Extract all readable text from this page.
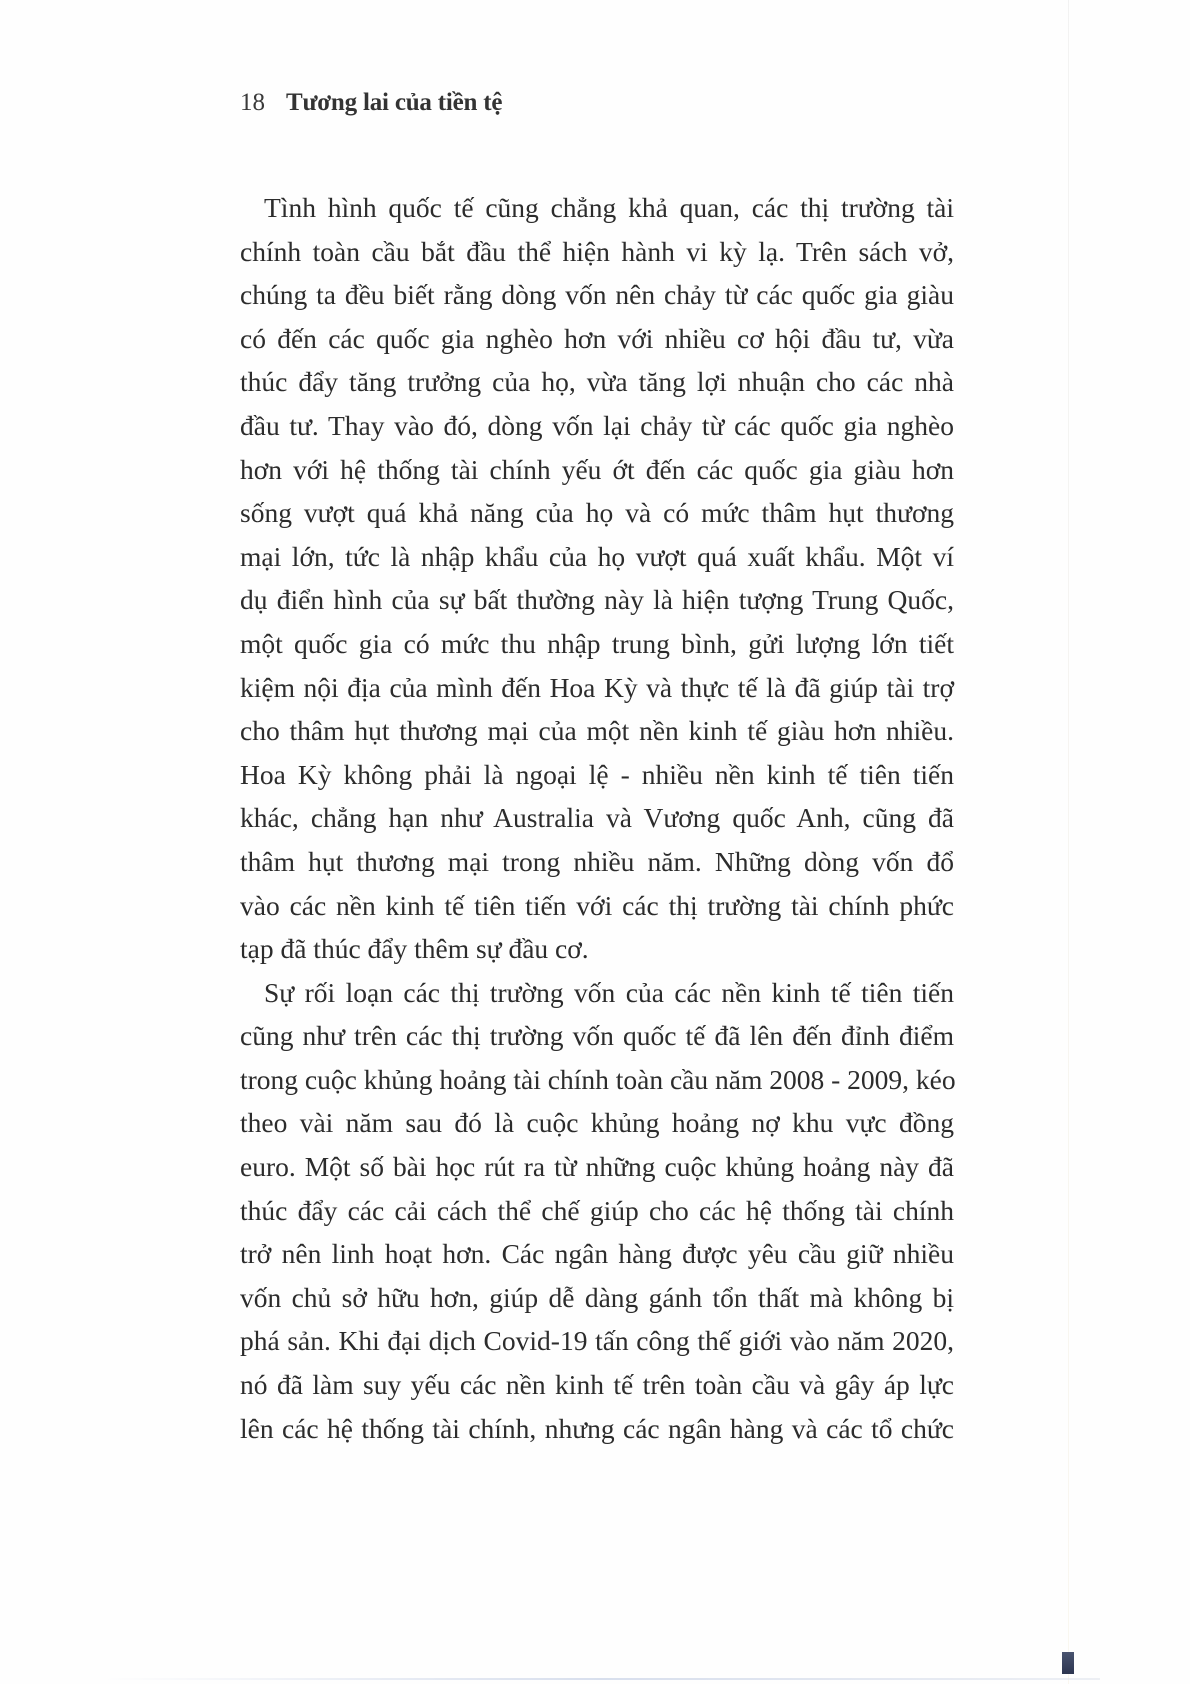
18 Tương lai của tiền tệ
Tình hình quốc tế cũng chẳng khả quan, các thị trường tài
chính toàn cầu bắt đầu thể hiện hành vi kỳ lạ. Trên sách vở,
chúng ta đều biết rằng dòng vốn nên chảy từ các quốc gia giàu
có đến các quốc gia nghèo hơn với nhiều cơ hội đầu tư, vừa
thúc đẩy tăng trưởng của họ, vừa tăng lợi nhuận cho các nhà
đầu tư. Thay vào đó, dòng vốn lại chảy từ các quốc gia nghèo
hơn với hệ thống tài chính yếu ớt đến các quốc gia giàu hơn
sống vượt quá khả năng của họ và có mức thâm hụt thương
mại lớn, tức là nhập khẩu của họ vượt quá xuất khẩu. Một ví
dụ điển hình của sự bất thường này là hiện tượng Trung Quốc,
một quốc gia có mức thu nhập trung bình, gửi lượng lớn tiết
kiệm nội địa của mình đến Hoa Kỳ và thực tế là đã giúp tài trợ
cho thâm hụt thương mại của một nền kinh tế giàu hơn nhiều.
Hoa Kỳ không phải là ngoại lệ - nhiều nền kinh tế tiên tiến
khác, chẳng hạn như Australia và Vương quốc Anh, cũng đã
thâm hụt thương mại trong nhiều năm. Những dòng vốn đổ
vào các nền kinh tế tiên tiến với các thị trường tài chính phức
tạp đã thúc đẩy thêm sự đầu cơ.
Sự rối loạn các thị trường vốn của các nền kinh tế tiên tiến
cũng như trên các thị trường vốn quốc tế đã lên đến đỉnh điểm
trong cuộc khủng hoảng tài chính toàn cầu năm 2008 - 2009, kéo
theo vài năm sau đó là cuộc khủng hoảng nợ khu vực đồng
euro. Một số bài học rút ra từ những cuộc khủng hoảng này đã
thúc đẩy các cải cách thể chế giúp cho các hệ thống tài chính
trở nên linh hoạt hơn. Các ngân hàng được yêu cầu giữ nhiều
vốn chủ sở hữu hơn, giúp dễ dàng gánh tổn thất mà không bị
phá sản. Khi đại dịch Covid-19 tấn công thế giới vào năm 2020,
nó đã làm suy yếu các nền kinh tế trên toàn cầu và gây áp lực
lên các hệ thống tài chính, nhưng các ngân hàng và các tổ chức
